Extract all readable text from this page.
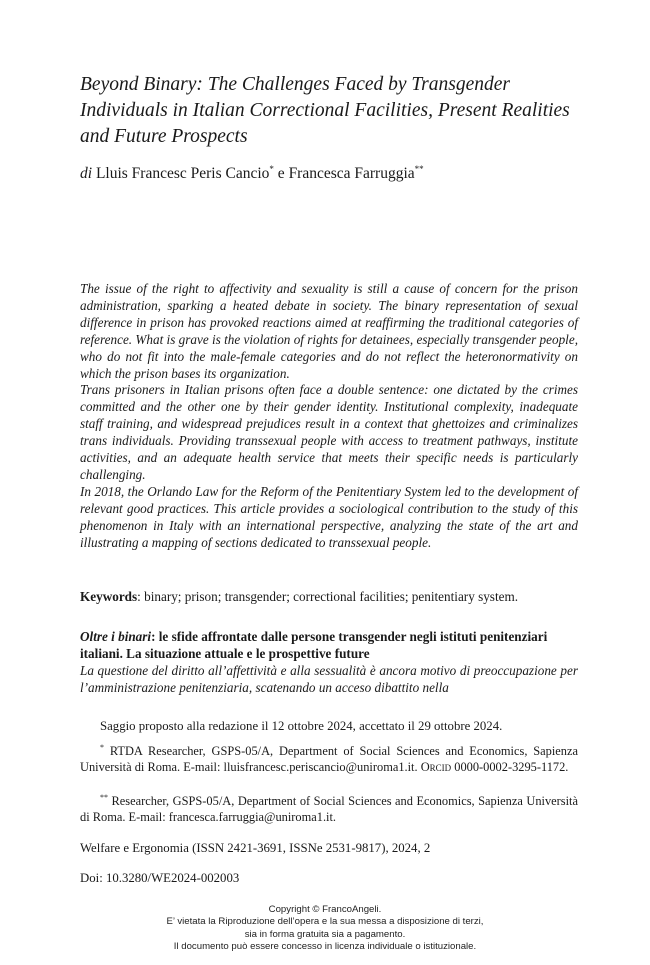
Beyond Binary: The Challenges Faced by Transgender Individuals in Italian Correctional Facilities, Present Realities and Future Prospects
di Lluis Francesc Peris Cancio* e Francesca Farruggia**

The issue of the right to affectivity and sexuality is still a cause of concern for the prison administration, sparking a heated debate in society. The binary representation of sexual difference in prison has provoked reactions aimed at reaffirming the traditional categories of reference. What is grave is the violation of rights for detainees, especially transgender people, who do not fit into the male-female categories and do not reflect the heteronormativity on which the prison bases its organization.

Trans prisoners in Italian prisons often face a double sentence: one dictated by the crimes committed and the other one by their gender identity. Institutional complexity, inadequate staff training, and widespread prejudices result in a context that ghettoizes and criminalizes trans individuals. Providing transsexual people with access to treatment pathways, institute activities, and an adequate health service that meets their specific needs is particularly challenging.

In 2018, the Orlando Law for the Reform of the Penitentiary System led to the development of relevant good practices. This article provides a sociological contribution to the study of this phenomenon in Italy with an international perspective, analyzing the state of the art and illustrating a mapping of sections dedicated to transsexual people.

Keywords: binary; prison; transgender; correctional facilities; penitentiary system.

Oltre i binari: le sfide affrontate dalle persone transgender negli istituti penitenziari italiani. La situazione attuale e le prospettive future

La questione del diritto all’affettività e alla sessualità è ancora motivo di preoccupazione per l’amministrazione penitenziaria, scatenando un acceso dibattito nella

Saggio proposto alla redazione il 12 ottobre 2024, accettato il 29 ottobre 2024.
* RTDA Researcher, GSPS-05/A, Department of Social Sciences and Economics, Sapienza Università di Roma. E-mail: lluisfrancesc.periscancio@uniroma1.it. Orcid 0000-0002-3295-1172.
** Researcher, GSPS-05/A, Department of Social Sciences and Economics, Sapienza Università di Roma. E-mail: francesca.farruggia@uniroma1.it.
Welfare e Ergonomia (ISSN 2421-3691, ISSNe 2531-9817), 2024, 2
Doi: 10.3280/WE2024-002003
Copyright © FrancoAngeli.
E’ vietata la Riproduzione dell’opera e la sua messa a disposizione di terzi,
sia in forma gratuita sia a pagamento.
Il documento può essere concesso in licenza individuale o istituzionale.
